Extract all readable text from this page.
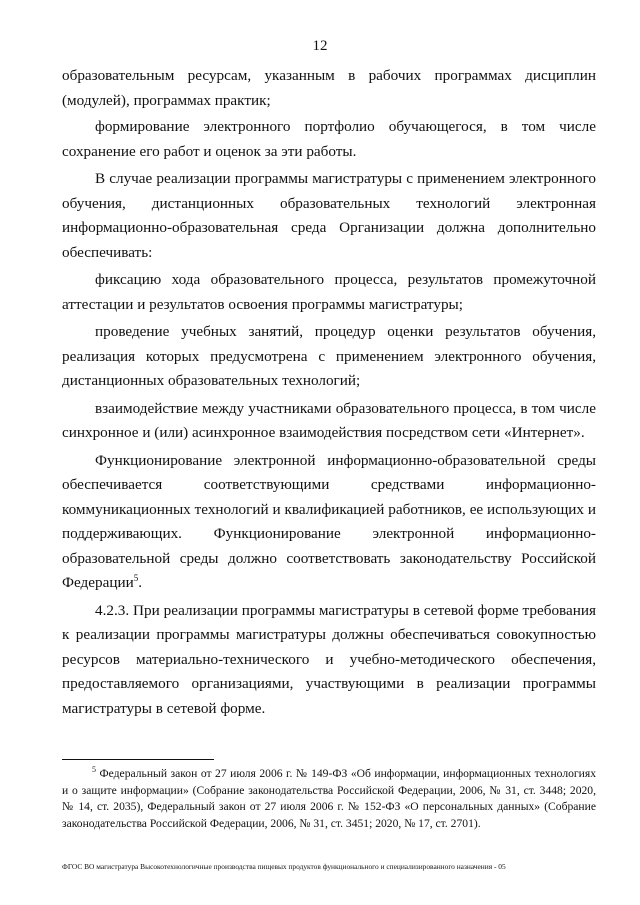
12

образовательным ресурсам, указанным в рабочих программах дисциплин (модулей), программах практик;

формирование электронного портфолио обучающегося, в том числе сохранение его работ и оценок за эти работы.

В случае реализации программы магистратуры с применением электронного обучения, дистанционных образовательных технологий электронная информационно-образовательная среда Организации должна дополнительно обеспечивать:

фиксацию хода образовательного процесса, результатов промежуточной аттестации и результатов освоения программы магистратуры;

проведение учебных занятий, процедур оценки результатов обучения, реализация которых предусмотрена с применением электронного обучения, дистанционных образовательных технологий;

взаимодействие между участниками образовательного процесса, в том числе синхронное и (или) асинхронное взаимодействия посредством сети «Интернет».

Функционирование электронной информационно-образовательной среды обеспечивается соответствующими средствами информационно-коммуникационных технологий и квалификацией работников, ее использующих и поддерживающих. Функционирование электронной информационно-образовательной среды должно соответствовать законодательству Российской Федерации$^5$.

4.2.3. При реализации программы магистратуры в сетевой форме требования к реализации программы магистратуры должны обеспечиваться совокупностью ресурсов материально-технического и учебно-методического обеспечения, предоставляемого организациями, участвующими в реализации программы магистратуры в сетевой форме.

$^5$ Федеральный закон от 27 июля 2006 г. № 149-ФЗ «Об информации, информационных технологиях и о защите информации» (Собрание законодательства Российской Федерации, 2006, № 31, ст. 3448; 2020, № 14, ст. 2035), Федеральный закон от 27 июля 2006 г. № 152-ФЗ «О персональных данных» (Собрание законодательства Российской Федерации, 2006, № 31, ст. 3451; 2020, № 17, ст. 2701).

ФГОС ВО магистратура Высокотехнологичные производства пищевых продуктов функционального и специализированного назначения - 05
